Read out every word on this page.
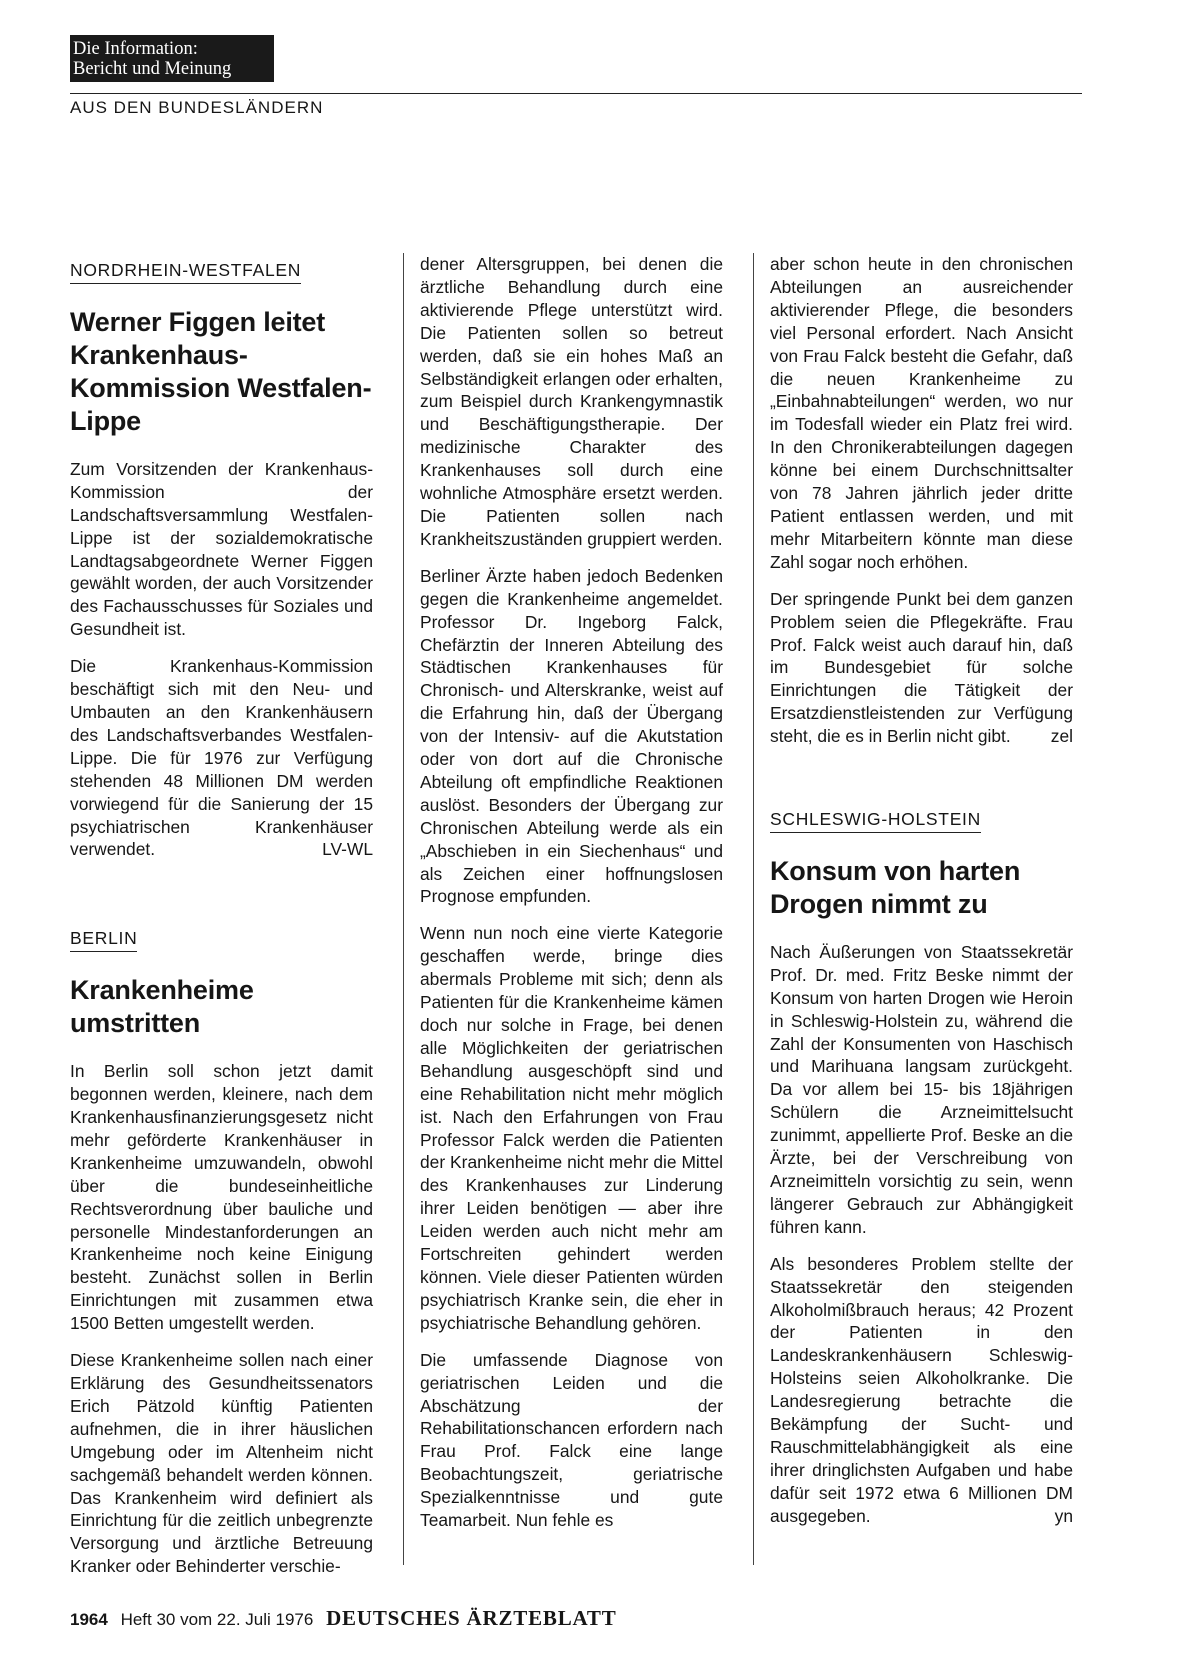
Die Information:
Bericht und Meinung
AUS DEN BUNDESLÄNDERN
NORDRHEIN-WESTFALEN
Werner Figgen leitet Krankenhaus-Kommission Westfalen-Lippe

Zum Vorsitzenden der Krankenhaus-Kommission der Landschaftsversammlung Westfalen-Lippe ist der sozialdemokratische Landtagsabgeordnete Werner Figgen gewählt worden, der auch Vorsitzender des Fachausschusses für Soziales und Gesundheit ist.

Die Krankenhaus-Kommission beschäftigt sich mit den Neu- und Umbauten an den Krankenhäusern des Landschaftsverbandes Westfalen-Lippe. Die für 1976 zur Verfügung stehenden 48 Millionen DM werden vorwiegend für die Sanierung der 15 psychiatrischen Krankenhäuser verwendet.	LV-WL

BERLIN
Krankenheime umstritten

In Berlin soll schon jetzt damit begonnen werden, kleinere, nach dem Krankenhausfinanzierungsgesetz nicht mehr geförderte Krankenhäuser in Krankenheime umzuwandeln, obwohl über die bundeseinheitliche Rechtsverordnung über bauliche und personelle Mindestanforderungen an Krankenheime noch keine Einigung besteht. Zunächst sollen in Berlin Einrichtungen mit zusammen etwa 1500 Betten umgestellt werden.

Diese Krankenheime sollen nach einer Erklärung des Gesundheitssenators Erich Pätzold künftig Patienten aufnehmen, die in ihrer häuslichen Umgebung oder im Altenheim nicht sachgemäß behandelt werden können. Das Krankenheim wird definiert als Einrichtung für die zeitlich unbegrenzte Versorgung und ärztliche Betreuung Kranker oder Behinderter verschie-

dener Altersgruppen, bei denen die ärztliche Behandlung durch eine aktivierende Pflege unterstützt wird. Die Patienten sollen so betreut werden, daß sie ein hohes Maß an Selbständigkeit erlangen oder erhalten, zum Beispiel durch Krankengymnastik und Beschäftigungstherapie. Der medizinische Charakter des Krankenhauses soll durch eine wohnliche Atmosphäre ersetzt werden. Die Patienten sollen nach Krankheitszuständen gruppiert werden.

Berliner Ärzte haben jedoch Bedenken gegen die Krankenheime angemeldet. Professor Dr. Ingeborg Falck, Chefärztin der Inneren Abteilung des Städtischen Krankenhauses für Chronisch- und Alterskranke, weist auf die Erfahrung hin, daß der Übergang von der Intensiv- auf die Akutstation oder von dort auf die Chronische Abteilung oft empfindliche Reaktionen auslöst. Besonders der Übergang zur Chronischen Abteilung werde als ein „Abschieben in ein Siechenhaus“ und als Zeichen einer hoffnungslosen Prognose empfunden.

Wenn nun noch eine vierte Kategorie geschaffen werde, bringe dies abermals Probleme mit sich; denn als Patienten für die Krankenheime kämen doch nur solche in Frage, bei denen alle Möglichkeiten der geriatrischen Behandlung ausgeschöpft sind und eine Rehabilitation nicht mehr möglich ist. Nach den Erfahrungen von Frau Professor Falck werden die Patienten der Krankenheime nicht mehr die Mittel des Krankenhauses zur Linderung ihrer Leiden benötigen — aber ihre Leiden werden auch nicht mehr am Fortschreiten gehindert werden können. Viele dieser Patienten würden psychiatrisch Kranke sein, die eher in psychiatrische Behandlung gehören.

Die umfassende Diagnose von geriatrischen Leiden und die Abschätzung der Rehabilitationschancen erfordern nach Frau Prof. Falck eine lange Beobachtungszeit, geriatrische Spezialkenntnisse und gute Teamarbeit. Nun fehle es

aber schon heute in den chronischen Abteilungen an ausreichender aktivierender Pflege, die besonders viel Personal erfordert. Nach Ansicht von Frau Falck besteht die Gefahr, daß die neuen Krankenheime zu „Einbahnabteilungen“ werden, wo nur im Todesfall wieder ein Platz frei wird. In den Chronikerabteilungen dagegen könne bei einem Durchschnittsalter von 78 Jahren jährlich jeder dritte Patient entlassen werden, und mit mehr Mitarbeitern könnte man diese Zahl sogar noch erhöhen.

Der springende Punkt bei dem ganzen Problem seien die Pflegekräfte. Frau Prof. Falck weist auch darauf hin, daß im Bundesgebiet für solche Einrichtungen die Tätigkeit der Ersatzdienstleistenden zur Verfügung steht, die es in Berlin nicht gibt. zel

SCHLESWIG-HOLSTEIN
Konsum von harten Drogen nimmt zu

Nach Äußerungen von Staatssekretär Prof. Dr. med. Fritz Beske nimmt der Konsum von harten Drogen wie Heroin in Schleswig-Holstein zu, während die Zahl der Konsumenten von Haschisch und Marihuana langsam zurückgeht. Da vor allem bei 15- bis 18jährigen Schülern die Arzneimittelsucht zunimmt, appellierte Prof. Beske an die Ärzte, bei der Verschreibung von Arzneimitteln vorsichtig zu sein, wenn längerer Gebrauch zur Abhängigkeit führen kann.

Als besonderes Problem stellte der Staatssekretär den steigenden Alkoholmißbrauch heraus; 42 Prozent der Patienten in den Landeskrankenhäusern Schleswig-Holsteins seien Alkoholkranke. Die Landesregierung betrachte die Bekämpfung der Sucht- und Rauschmittelabhängigkeit als eine ihrer dringlichsten Aufgaben und habe dafür seit 1972 etwa 6 Millionen DM ausgegeben.	yn

1964 Heft 30 vom 22. Juli 1976 DEUTSCHES ÄRZTEBLATT
